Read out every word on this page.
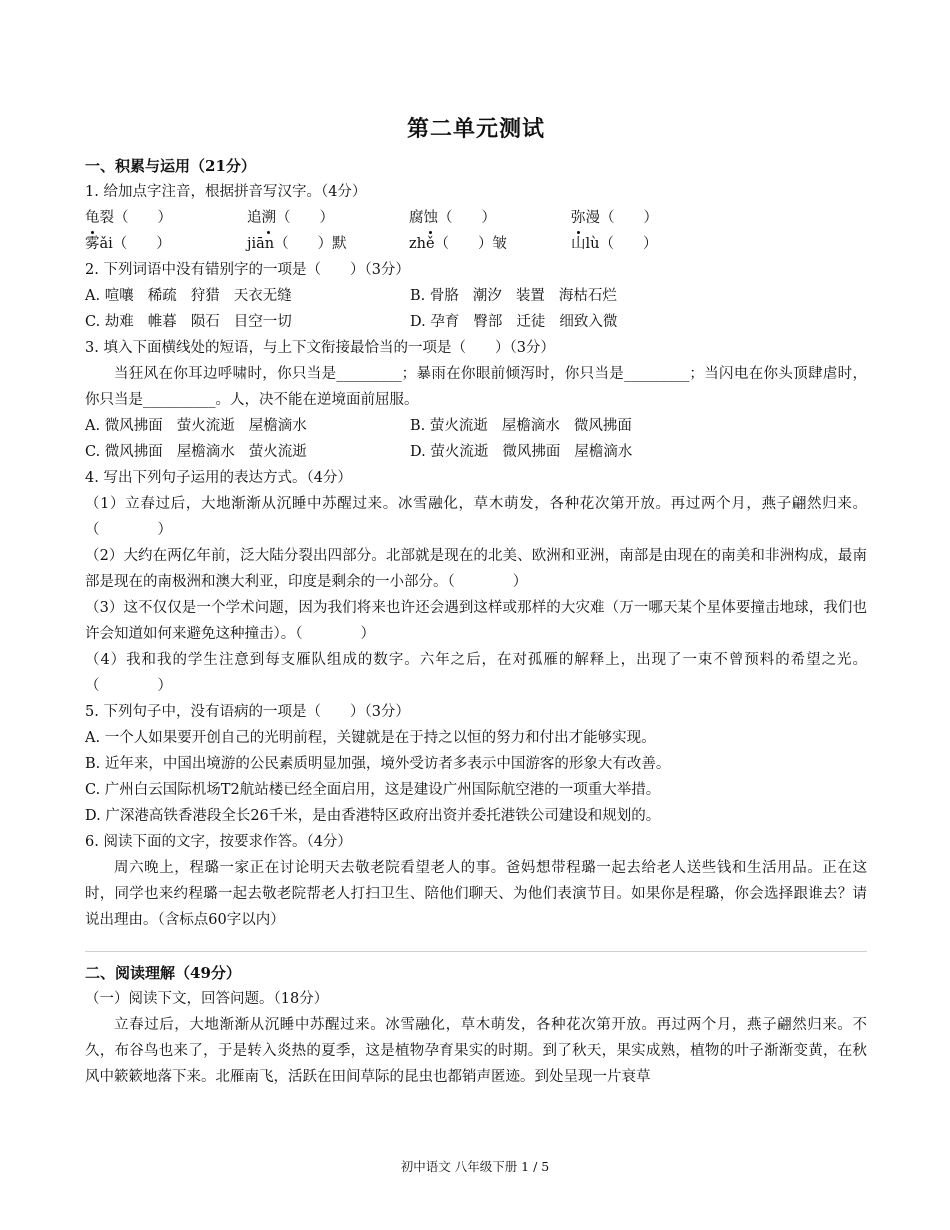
第二单元测试
一、积累与运用（21分）
1. 给加点字注音，根据拼音写汉字。（4分）
龟裂（　　）	追溯（　　）	腐蚀（　　）	弥漫（　　）
雾ǎi（　　）	jiān（　　）默	zhě（　　）皱	山lù（　　）
2. 下列词语中没有错别字的一项是（　　）（3分）
A. 喧嚷 稀疏 狩猎 天衣无缝	B. 骨胳 潮汐 装置 海枯石烂
C. 劫难 帷暮 陨石 目空一切	D. 孕育 臀部 迁徒 细致入微
3. 填入下面横线处的短语，与上下文衔接最恰当的一项是（　　）（3分）
当狂风在你耳边呼啸时，你只当是_________；暴雨在你眼前倾泻时，你只当是_________；当闪电在你头顶肆虐时，你只当是__________。人，决不能在逆境面前屈服。
A. 微风拂面 萤火流逝 屋檐滴水	B. 萤火流逝 屋檐滴水 微风拂面
C. 微风拂面 屋檐滴水 萤火流逝	D. 萤火流逝 微风拂面 屋檐滴水
4. 写出下列句子运用的表达方式。（4分）
（1）立春过后，大地渐渐从沉睡中苏醒过来。冰雪融化，草木萌发，各种花次第开放。再过两个月，燕子翩然归来。（　　　　）
（2）大约在两亿年前，泛大陆分裂出四部分。北部就是现在的北美、欧洲和亚洲，南部是由现在的南美和非洲构成，最南部是现在的南极洲和澳大利亚，印度是剩余的一小部分。（　　　　）
（3）这不仅仅是一个学术问题，因为我们将来也许还会遇到这样或那样的大灾难（万一哪天某个星体要撞击地球，我们也许会知道如何来避免这种撞击）。（　　　　）
（4）我和我的学生注意到每支雁队组成的数字。六年之后，在对孤雁的解释上，出现了一束不曾预料的希望之光。（　　　　）
5. 下列句子中，没有语病的一项是（　　）（3分）
A. 一个人如果要开创自己的光明前程，关键就是在于持之以恒的努力和付出才能够实现。
B. 近年来，中国出境游的公民素质明显加强，境外受访者多表示中国游客的形象大有改善。
C. 广州白云国际机场T2航站楼已经全面启用，这是建设广州国际航空港的一项重大举措。
D. 广深港高铁香港段全长26千米，是由香港特区政府出资并委托港铁公司建设和规划的。
6. 阅读下面的文字，按要求作答。（4分）
周六晚上，程璐一家正在讨论明天去敬老院看望老人的事。爸妈想带程璐一起去给老人送些钱和生活用品。正在这时，同学也来约程璐一起去敬老院帮老人打扫卫生、陪他们聊天、为他们表演节目。如果你是程璐，你会选择跟谁去？请说出理由。（含标点60字以内）
二、阅读理解（49分）
（一）阅读下文，回答问题。（18分）
立春过后，大地渐渐从沉睡中苏醒过来。冰雪融化，草木萌发，各种花次第开放。再过两个月，燕子翩然归来。不久，布谷鸟也来了，于是转入炎热的夏季，这是植物孕育果实的时期。到了秋天，果实成熟，植物的叶子渐渐变黄，在秋风中簌簌地落下来。北雁南飞，活跃在田间草际的昆虫也都销声匿迹。到处呈现一片衰草
初中语文 八年级下册 1 / 5
